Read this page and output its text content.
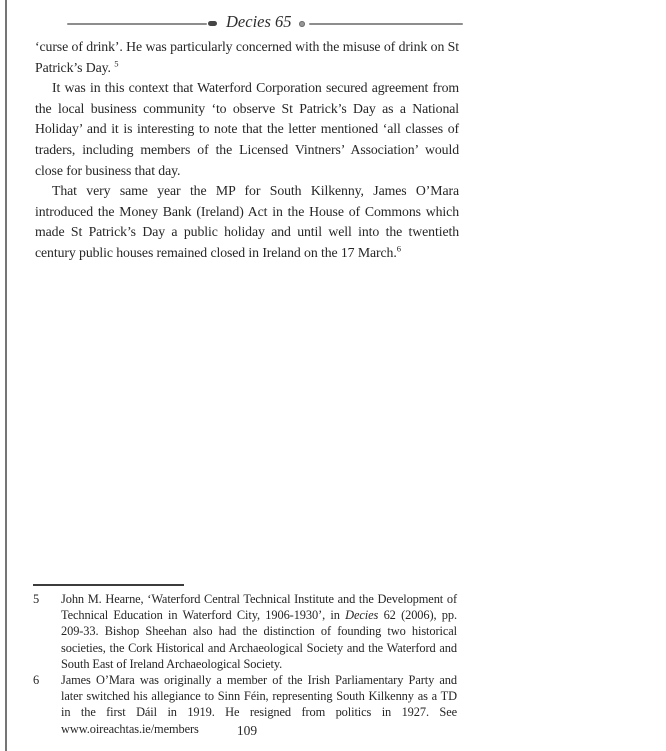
Decies 65

‘curse of drink’. He was particularly concerned with the misuse of drink on St Patrick’s Day. $^5$

It was in this context that Waterford Corporation secured agreement from the local business community ‘to observe St Patrick’s Day as a National Holiday’ and it is interesting to note that the letter mentioned ‘all classes of traders, including members of the Licensed Vintners’ Association’ would close for business that day.

That very same year the MP for South Kilkenny, James O’Mara introduced the Money Bank (Ireland) Act in the House of Commons which made St Patrick’s Day a public holiday and until well into the twentieth century public houses remained closed in Ireland on the 17 March.$^6$

5	John M. Hearne, ‘Waterford Central Technical Institute and the Development of Technical Education in Waterford City, 1906-1930’, in Decies 62 (2006), pp. 209-33. Bishop Sheehan also had the distinction of founding two historical societies, the Cork Historical and Archaeological Society and the Waterford and South East of Ireland Archaeological Society.
6	James O’Mara was originally a member of the Irish Parliamentary Party and later switched his allegiance to Sinn Féin, representing South Kilkenny as a TD in the first Dáil in 1919. He resigned from politics in 1927. See www.oireachtas.ie/members	109
